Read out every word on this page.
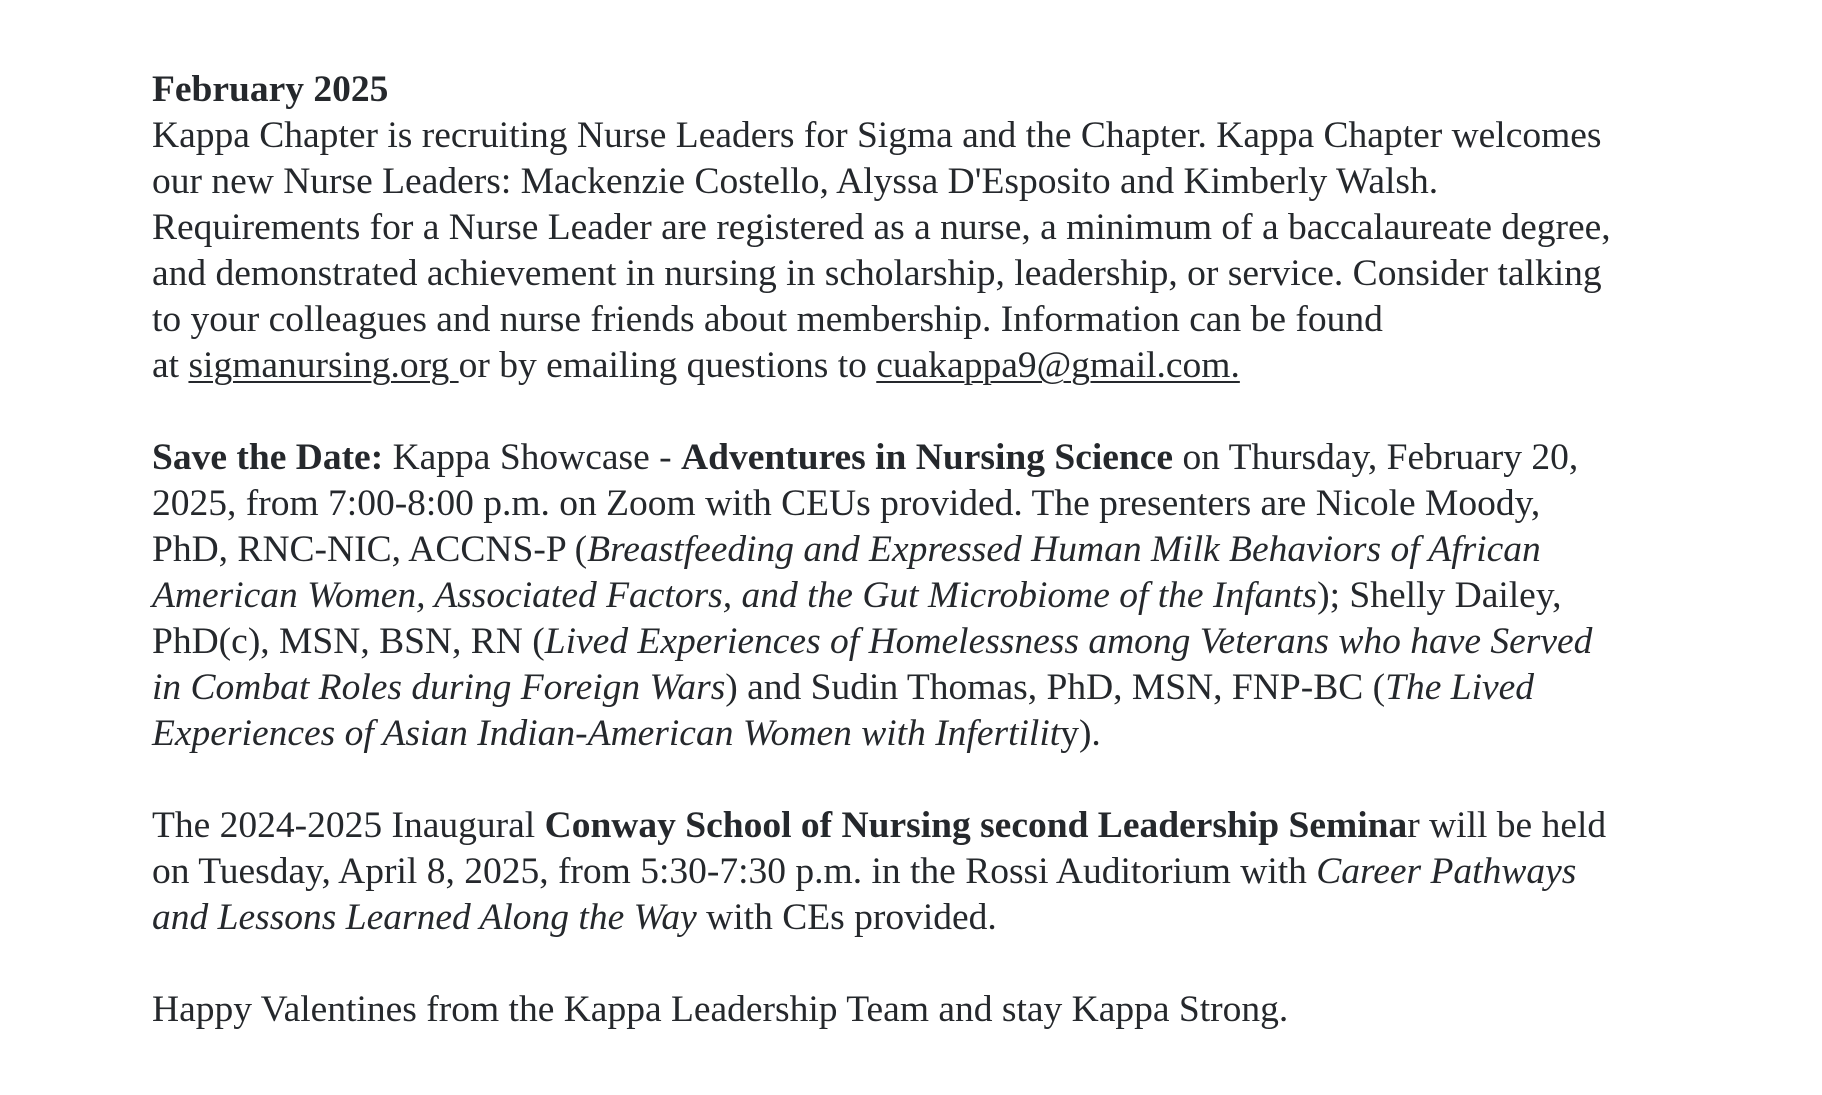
February 2025
Kappa Chapter is recruiting Nurse Leaders for Sigma and the Chapter. Kappa Chapter welcomes
our new Nurse Leaders: Mackenzie Costello, Alyssa D'Esposito and Kimberly Walsh.
Requirements for a Nurse Leader are registered as a nurse, a minimum of a baccalaureate degree,
and demonstrated achievement in nursing in scholarship, leadership, or service. Consider talking
to your colleagues and nurse friends about membership. Information can be found
at sigmanursing.org or by emailing questions to cuakappa9@gmail.com.
Save the Date: Kappa Showcase - Adventures in Nursing Science on Thursday, February 20,
2025, from 7:00-8:00 p.m. on Zoom with CEUs provided. The presenters are Nicole Moody,
PhD, RNC-NIC, ACCNS-P (Breastfeeding and Expressed Human Milk Behaviors of African
American Women, Associated Factors, and the Gut Microbiome of the Infants); Shelly Dailey,
PhD(c), MSN, BSN, RN (Lived Experiences of Homelessness among Veterans who have Served
in Combat Roles during Foreign Wars) and Sudin Thomas, PhD, MSN, FNP-BC (The Lived
Experiences of Asian Indian-American Women with Infertility).
The 2024-2025 Inaugural Conway School of Nursing second Leadership Seminar will be held
on Tuesday, April 8, 2025, from 5:30-7:30 p.m. in the Rossi Auditorium with Career Pathways
and Lessons Learned Along the Way with CEs provided.
Happy Valentines from the Kappa Leadership Team and stay Kappa Strong.
